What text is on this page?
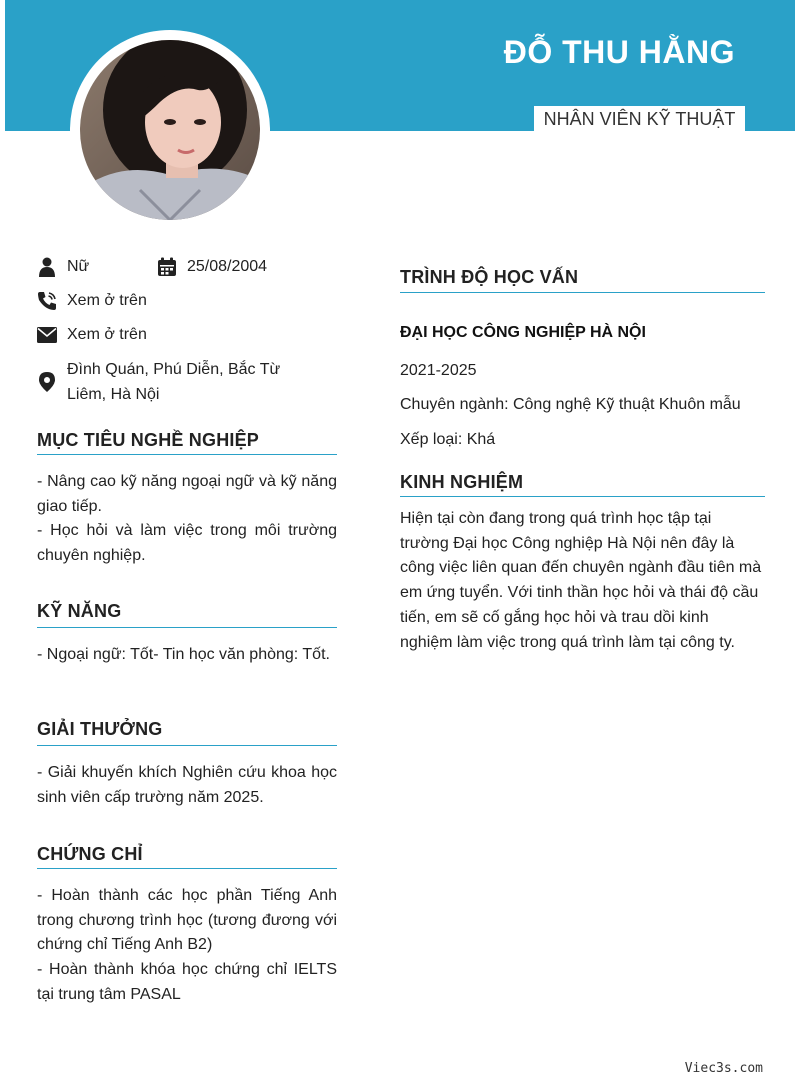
ĐỖ THU HẰNG
NHÂN VIÊN KỸ THUẬT
Nữ	25/08/2004
Xem ở trên
Xem ở trên
Đình Quán, Phú Diễn, Bắc Từ Liêm, Hà Nội
MỤC TIÊU NGHỀ NGHIỆP

- Nâng cao kỹ năng ngoại ngữ và kỹ năng giao tiếp.

- Học hỏi và làm việc trong môi trường chuyên nghiệp.

KỸ NĂNG

- Ngoại ngữ: Tốt- Tin học văn phòng: Tốt.

GIẢI THƯỞNG

- Giải khuyến khích Nghiên cứu khoa học sinh viên cấp trường năm 2025.

CHỨNG CHỈ

- Hoàn thành các học phần Tiếng Anh trong chương trình học (tương đương với chứng chỉ Tiếng Anh B2)

- Hoàn thành khóa học chứng chỉ IELTS tại trung tâm PASAL

TRÌNH ĐỘ HỌC VẤN
ĐẠI HỌC CÔNG NGHIỆP HÀ NỘI
2021-2025
Chuyên ngành: Công nghệ Kỹ thuật Khuôn mẫu
Xếp loại: Khá
KINH NGHIỆM
Hiện tại còn đang trong quá trình học tập tại trường Đại học Công nghiệp Hà Nội nên đây là công việc liên quan đến chuyên ngành đầu tiên mà em ứng tuyển. Với tinh thần học hỏi và thái độ cầu tiến, em sẽ cố gắng học hỏi và trau dồi kinh nghiệm làm việc trong quá trình làm tại công ty.
Viec3s.com
